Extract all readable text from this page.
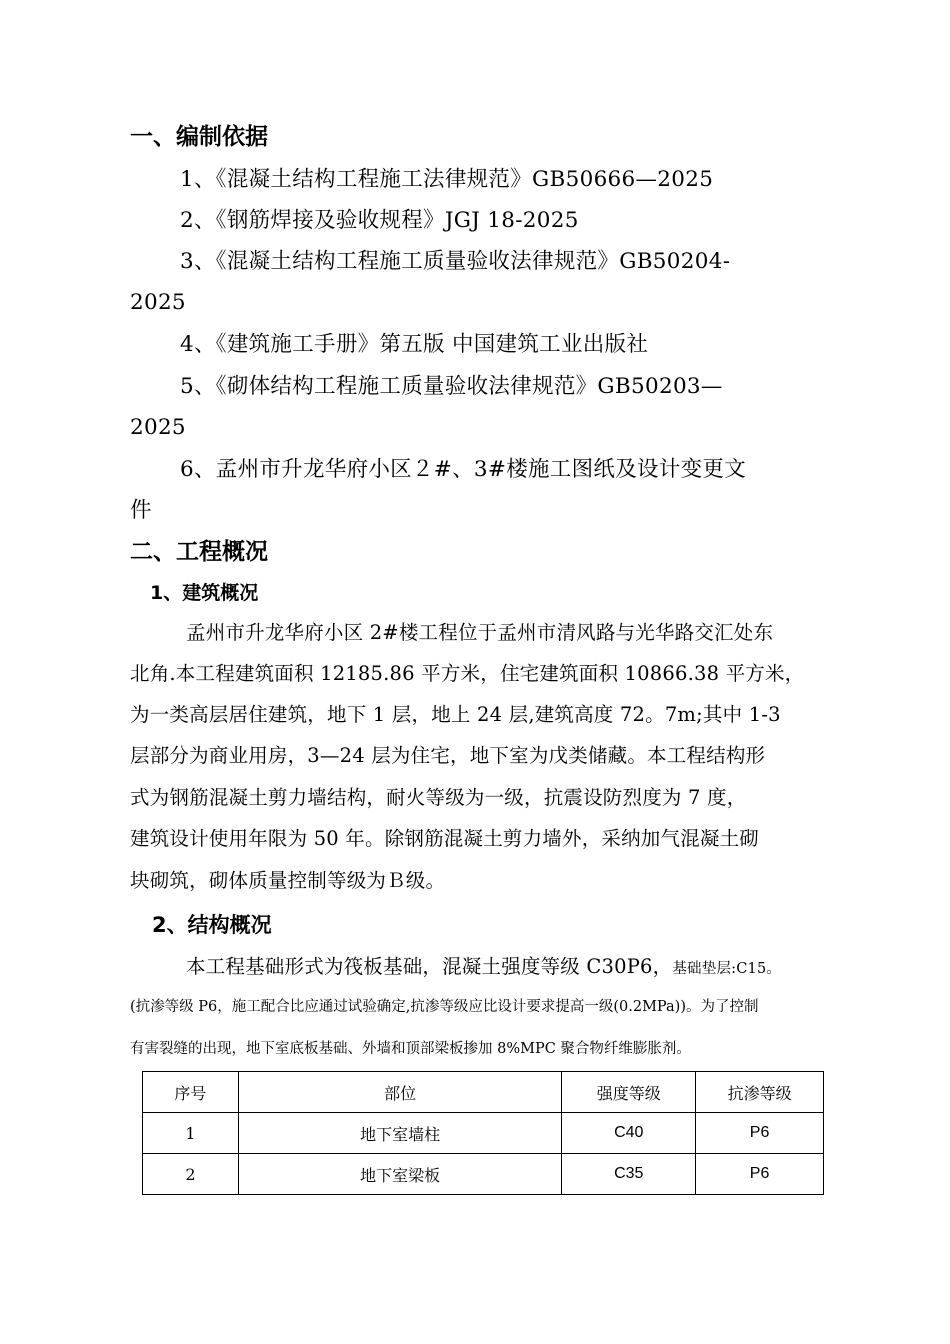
一、编制依据
1、《混凝土结构工程施工法律规范》GB50666—2025
2、《钢筋焊接及验收规程》JGJ 18-2025
3、《混凝土结构工程施工质量验收法律规范》GB50204-
2025
4、《建筑施工手册》第五版 中国建筑工业出版社
5、《砌体结构工程施工质量验收法律规范》GB50203—
2025
6、孟州市升龙华府小区２#、3#楼施工图纸及设计变更文
件
二、工程概况
1、建筑概况
孟州市升龙华府小区 2#楼工程位于孟州市清风路与光华路交汇处东
北角.本工程建筑面积 12185.86 平方米，住宅建筑面积 10866.38 平方米，
为一类高层居住建筑，地下 1 层，地上 24 层,建筑高度 72。7m;其中 1-3
层部分为商业用房，3—24 层为住宅，地下室为戊类储藏。本工程结构形
式为钢筋混凝土剪力墙结构，耐火等级为一级，抗震设防烈度为 7 度，
建筑设计使用年限为 50 年。除钢筋混凝土剪力墙外，采纳加气混凝土砌
块砌筑，砌体质量控制等级为Ｂ级。
2、结构概况
本工程基础形式为筏板基础，混凝土强度等级 C30P6，基础垫层:C15。
(抗渗等级 P6，施工配合比应通过试验确定,抗渗等级应比设计要求提高一级(0.2MPa))。为了控制
有害裂缝的出现，地下室底板基础、外墙和顶部梁板掺加 8%MPC 聚合物纤维膨胀剂。
序号	部位	强度等级	抗渗等级
1	地下室墙柱	C40	P6
2	地下室梁板	C35	P6
